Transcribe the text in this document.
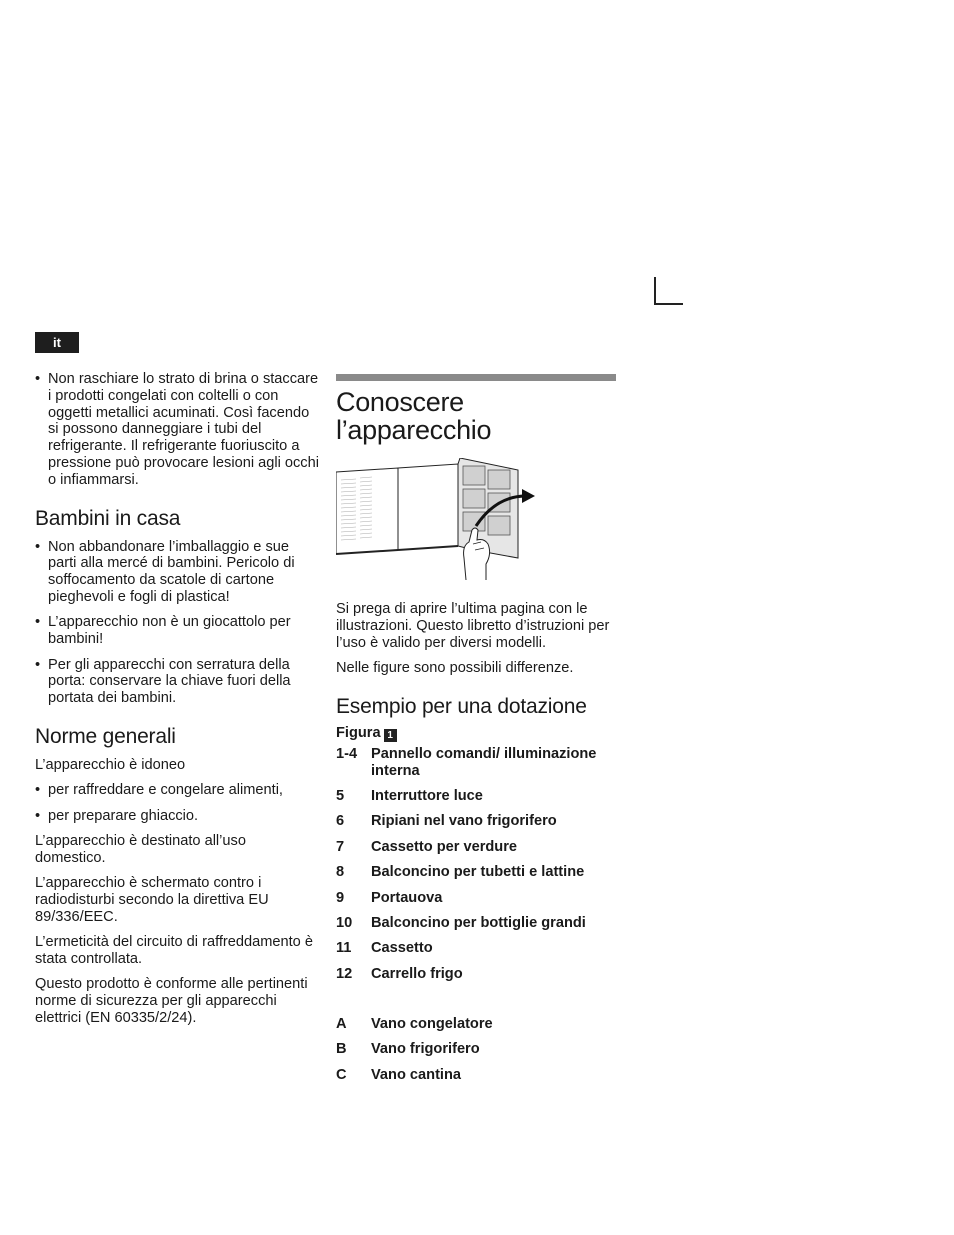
it
• Non raschiare lo strato di brina o staccare i prodotti congelati con coltelli o con oggetti metallici acuminati. Così facendo si possono danneggiare i tubi del refrigerante. Il refrigerante fuoriuscito a pressione può provocare lesioni agli occhi o infiammarsi.
Bambini in casa
• Non abbandonare l’imballaggio e sue parti alla mercé di bambini. Pericolo di soffocamento da scatole di cartone pieghevoli e fogli di plastica!
• L’apparecchio non è un giocattolo per bambini!
• Per gli apparecchi con serratura della porta: conservare la chiave fuori della portata dei bambini.
Norme generali

L’apparecchio è idoneo

• per raffreddare e congelare alimenti,
• per preparare ghiaccio.

L’apparecchio è destinato all’uso domestico.

L’apparecchio è schermato contro i radiodisturbi secondo la direttiva EU 89/336/EEC.

L’ermeticità del circuito di raffreddamento è stata controllata.

Questo prodotto è conforme alle pertinenti norme di sicurezza per gli apparecchi elettrici (EN 60335/2/24).

Conoscere
l’apparecchio

Si prega di aprire l’ultima pagina con le illustrazioni. Questo libretto d’istruzioni per l’uso è valido per diversi modelli.

Nelle figure sono possibili differenze.

Esempio per una dotazione
Figura 1
1-4 Pannello comandi/ illuminazione interna
5	Interruttore luce
6	Ripiani nel vano frigorifero
7	Cassetto per verdure
8	Balconcino per tubetti e lattine
9	Portauova
10	Balconcino per bottiglie grandi
11	Cassetto
12	Carrello frigo
A	Vano congelatore
B	Vano frigorifero
C	Vano cantina
